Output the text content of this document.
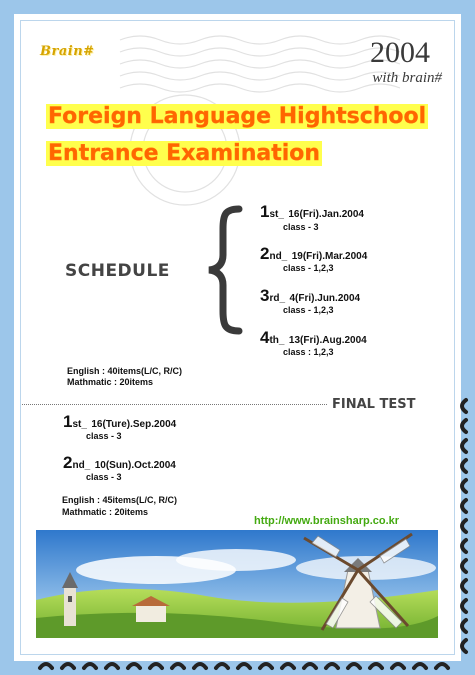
Brain#	2004
with brain#
Foreign Language Hightschool
Entrance Examination
SCHEDULE
1st_ 16(Fri).Jan.2004
class - 3
2nd_ 19(Fri).Mar.2004
class - 1,2,3
3rd_ 4(Fri).Jun.2004
class - 1,2,3
4th_ 13(Fri).Aug.2004
class : 1,2,3
English : 40items(L/C, R/C)
Mathmatic : 20items
FINAL TEST
1st_ 16(Ture).Sep.2004
class - 3
2nd_ 10(Sun).Oct.2004
class - 3
English : 45items(L/C, R/C)
Mathmatic : 20items
http://www.brainsharp.co.kr
